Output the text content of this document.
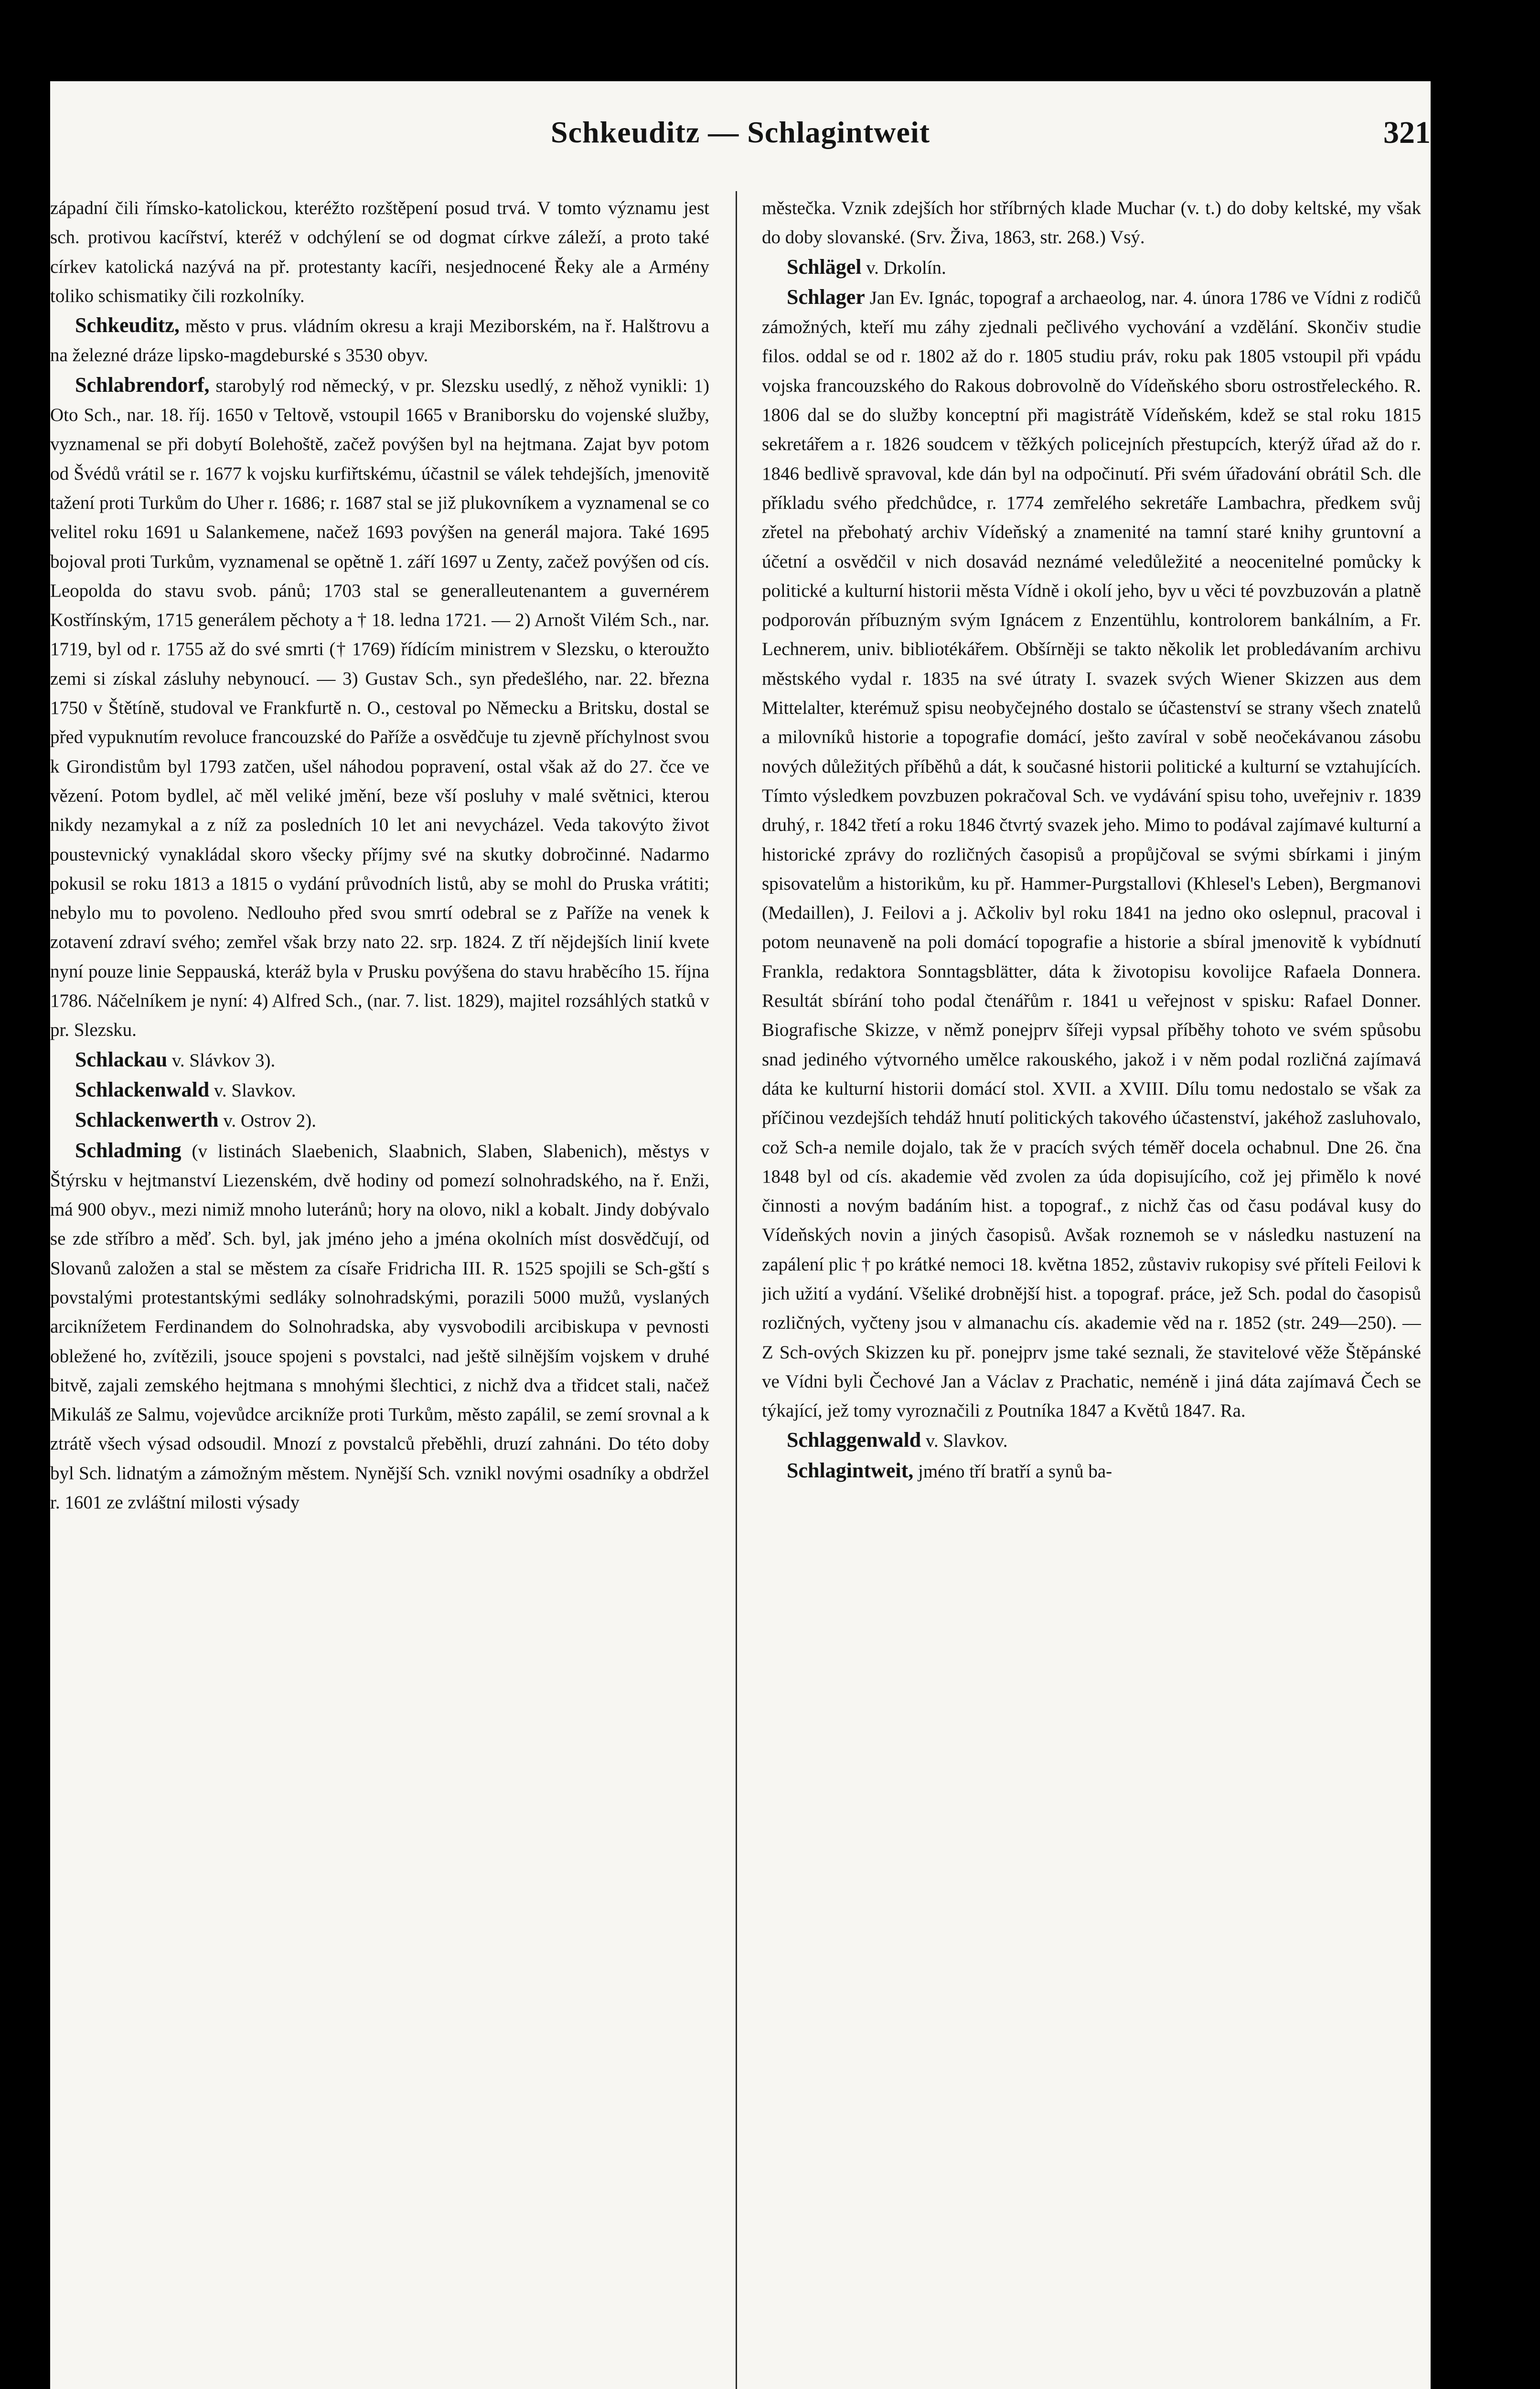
Schkeuditz — Schlagintweit	321

západní čili římsko-katolickou, kteréžto rozštěpení posud trvá. V tomto významu jest sch. protivou kacířství, kteréž v odchýlení se od dogmat církve záleží, a proto také církev katolická nazývá na př. protestanty kacíři, nesjednocené Řeky ale a Armény toliko schismatiky čili rozkolníky.

Schkeuditz, město v prus. vládním okresu a kraji Meziborském, na ř. Halštrovu a na železné dráze lipsko-magdeburské s 3530 obyv.

Schlabrendorf, starobylý rod německý, v pr. Slezsku usedlý, z něhož vynikli: 1) Oto Sch., nar. 18. říj. 1650 v Teltově, vstoupil 1665 v Braniborsku do vojenské služby, vyznamenal se při dobytí Bolehoště, začež povýšen byl na hejtmana. Zajat byv potom od Švédů vrátil se r. 1677 k vojsku kurfiřtskému, účastnil se válek tehdejších, jmenovitě tažení proti Turkům do Uher r. 1686; r. 1687 stal se již plukovníkem a vyznamenal se co velitel roku 1691 u Salankemene, načež 1693 povýšen na generál majora. Také 1695 bojoval proti Turkům, vyznamenal se opětně 1. září 1697 u Zenty, začež povýšen od cís. Leopolda do stavu svob. pánů; 1703 stal se generalleutenantem a guvernérem Kostřínským, 1715 generálem pěchoty a † 18. ledna 1721. — 2) Arnošt Vilém Sch., nar. 1719, byl od r. 1755 až do své smrti († 1769) řídícím ministrem v Slezsku, o kteroužto zemi si získal zásluhy nebynoucí. — 3) Gustav Sch., syn předešlého, nar. 22. března 1750 v Štětíně, studoval ve Frankfurtě n. O., cestoval po Německu a Britsku, dostal se před vypuknutím revoluce francouzské do Paříže a osvědčuje tu zjevně příchylnost svou k Girondistům byl 1793 zatčen, ušel náhodou popravení, ostal však až do 27. čce ve vězení. Potom bydlel, ač měl veliké jmění, beze vší posluhy v malé světnici, kterou nikdy nezamykal a z níž za posledních 10 let ani nevycházel. Veda takovýto život poustevnický vynakládal skoro všecky příjmy své na skutky dobročinné. Nadarmo pokusil se roku 1813 a 1815 o vydání průvodních listů, aby se mohl do Pruska vrátiti; nebylo mu to povoleno. Nedlouho před svou smrtí odebral se z Paříže na venek k zotavení zdraví svého; zemřel však brzy nato 22. srp. 1824. Z tří nějdejších linií kvete nyní pouze linie Seppauská, kteráž byla v Prusku povýšena do stavu hraběcího 15. října 1786. Náčelníkem je nyní: 4) Alfred Sch., (nar. 7. list. 1829), majitel rozsáhlých statků v pr. Slezsku.

Schlackau v. Slávkov 3).

Schlackenwald v. Slavkov.

Schlackenwerth v. Ostrov 2).

Schladming (v listinách Slaebenich, Slaabnich, Slaben, Slabenich), městys v Štýrsku v hejtmanství Liezenském, dvě hodiny od pomezí solnohradského, na ř. Enži, má 900 obyv., mezi nimiž mnoho luteránů; hory na olovo, nikl a kobalt. Jindy dobývalo se zde stříbro a měď. Sch. byl, jak jméno jeho a jména okolních míst dosvědčují, od Slovanů založen a stal se městem za císaře Fridricha III. R. 1525 spojili se Sch-gští s povstalými protestantskými sedláky solnohradskými, porazili 5000 mužů, vyslaných arciknížetem Ferdinandem do Solnohradska, aby vysvobodili arcibiskupa v pevnosti obležené ho, zvítězili, jsouce spojeni s povstalci, nad ještě silnějším vojskem v druhé bitvě, zajali zemského hejtmana s mnohými šlechtici, z nichž dva a třidcet stali, načež Mikuláš ze Salmu, vojevůdce arcikníže proti Turkům, město zapálil, se zemí srovnal a k ztrátě všech výsad odsoudil. Mnozí z povstalců přeběhli, druzí zahnáni. Do této doby byl Sch. lidnatým a zámožným městem. Nynější Sch. vznikl novými osadníky a obdržel r. 1601 ze zvláštní milosti výsady

městečka. Vznik zdejších hor stříbrných klade Muchar (v. t.) do doby keltské, my však do doby slovanské. (Srv. Živa, 1863, str. 268.) Vsý.

Schlägel v. Drkolín.

Schlager Jan Ev. Ignác, topograf a archaeolog, nar. 4. února 1786 ve Vídni z rodičů zámožných, kteří mu záhy zjednali pečlivého vychování a vzdělání. Skončiv studie filos. oddal se od r. 1802 až do r. 1805 studiu práv, roku pak 1805 vstoupil při vpádu vojska francouzského do Rakous dobrovolně do Vídeňského sboru ostrostřeleckého. R. 1806 dal se do služby konceptní při magistrátě Vídeňském, kdež se stal roku 1815 sekretářem a r. 1826 soudcem v těžkých policejních přestupcích, kterýž úřad až do r. 1846 bedlivě spravoval, kde dán byl na odpočinutí. Při svém úřadování obrátil Sch. dle příkladu svého předchůdce, r. 1774 zemřelého sekretáře Lambachra, předkem svůj zřetel na přebohatý archiv Vídeňský a znamenité na tamní staré knihy gruntovní a účetní a osvědčil v nich dosavád neznámé veledůležité a neocenitelné pomůcky k politické a kulturní historii města Vídně i okolí jeho, byv u věci té povzbuzován a platně podporován příbuzným svým Ignácem z Enzentühlu, kontrolorem bankálním, a Fr. Lechnerem, univ. bibliotékářem. Obšírněji se takto několik let probledávaním archivu městského vydal r. 1835 na své útraty I. svazek svých Wiener Skizzen aus dem Mittelalter, kterémuž spisu neobyčejného dostalo se účastenství se strany všech znatelů a milovníků historie a topografie domácí, ješto zavíral v sobě neočekávanou zásobu nových důležitých příběhů a dát, k současné historii politické a kulturní se vztahujících. Tímto výsledkem povzbuzen pokračoval Sch. ve vydávání spisu toho, uveřejniv r. 1839 druhý, r. 1842 třetí a roku 1846 čtvrtý svazek jeho. Mimo to podával zajímavé kulturní a historické zprávy do rozličných časopisů a propůjčoval se svými sbírkami i jiným spisovatelům a historikům, ku př. Hammer-Purgstallovi (Khlesel's Leben), Bergmanovi (Medaillen), J. Feilovi a j. Ačkoliv byl roku 1841 na jedno oko oslepnul, pracoval i potom neunaveně na poli domácí topografie a historie a sbíral jmenovitě k vybídnutí Frankla, redaktora Sonntagsblätter, dáta k životopisu kovolijce Rafaela Donnera. Resultát sbírání toho podal čtenářům r. 1841 u veřejnost v spisku: Rafael Donner. Biografische Skizze, v němž ponejprv šířeji vypsal příběhy tohoto ve svém spůsobu snad jediného výtvorného umělce rakouského, jakož i v něm podal rozličná zajímavá dáta ke kulturní historii domácí stol. XVII. a XVIII. Dílu tomu nedostalo se však za příčinou vezdejších tehdáž hnutí politických takového účastenství, jakéhož zasluhovalo, což Sch-a nemile dojalo, tak že v pracích svých téměř docela ochabnul. Dne 26. čna 1848 byl od cís. akademie věd zvolen za úda dopisujícího, což jej přimělo k nové činnosti a novým badáním hist. a topograf., z nichž čas od času podával kusy do Vídeňských novin a jiných časopisů. Avšak roznemoh se v následku nastuzení na zapálení plic † po krátké nemoci 18. května 1852, zůstaviv rukopisy své příteli Feilovi k jich užití a vydání. Všeliké drobnější hist. a topograf. práce, jež Sch. podal do časopisů rozličných, vyčteny jsou v almanachu cís. akademie věd na r. 1852 (str. 249—250). — Z Sch-ových Skizzen ku př. ponejprv jsme také seznali, že stavitelové věže Štěpánské ve Vídni byli Čechové Jan a Václav z Prachatic, neméně i jiná dáta zajímavá Čech se týkající, jež tomy vyroznačili z Poutníka 1847 a Květů 1847. Ra.

Schlaggenwald v. Slavkov.

Schlagintweit, jméno tří bratří a synů ba-
